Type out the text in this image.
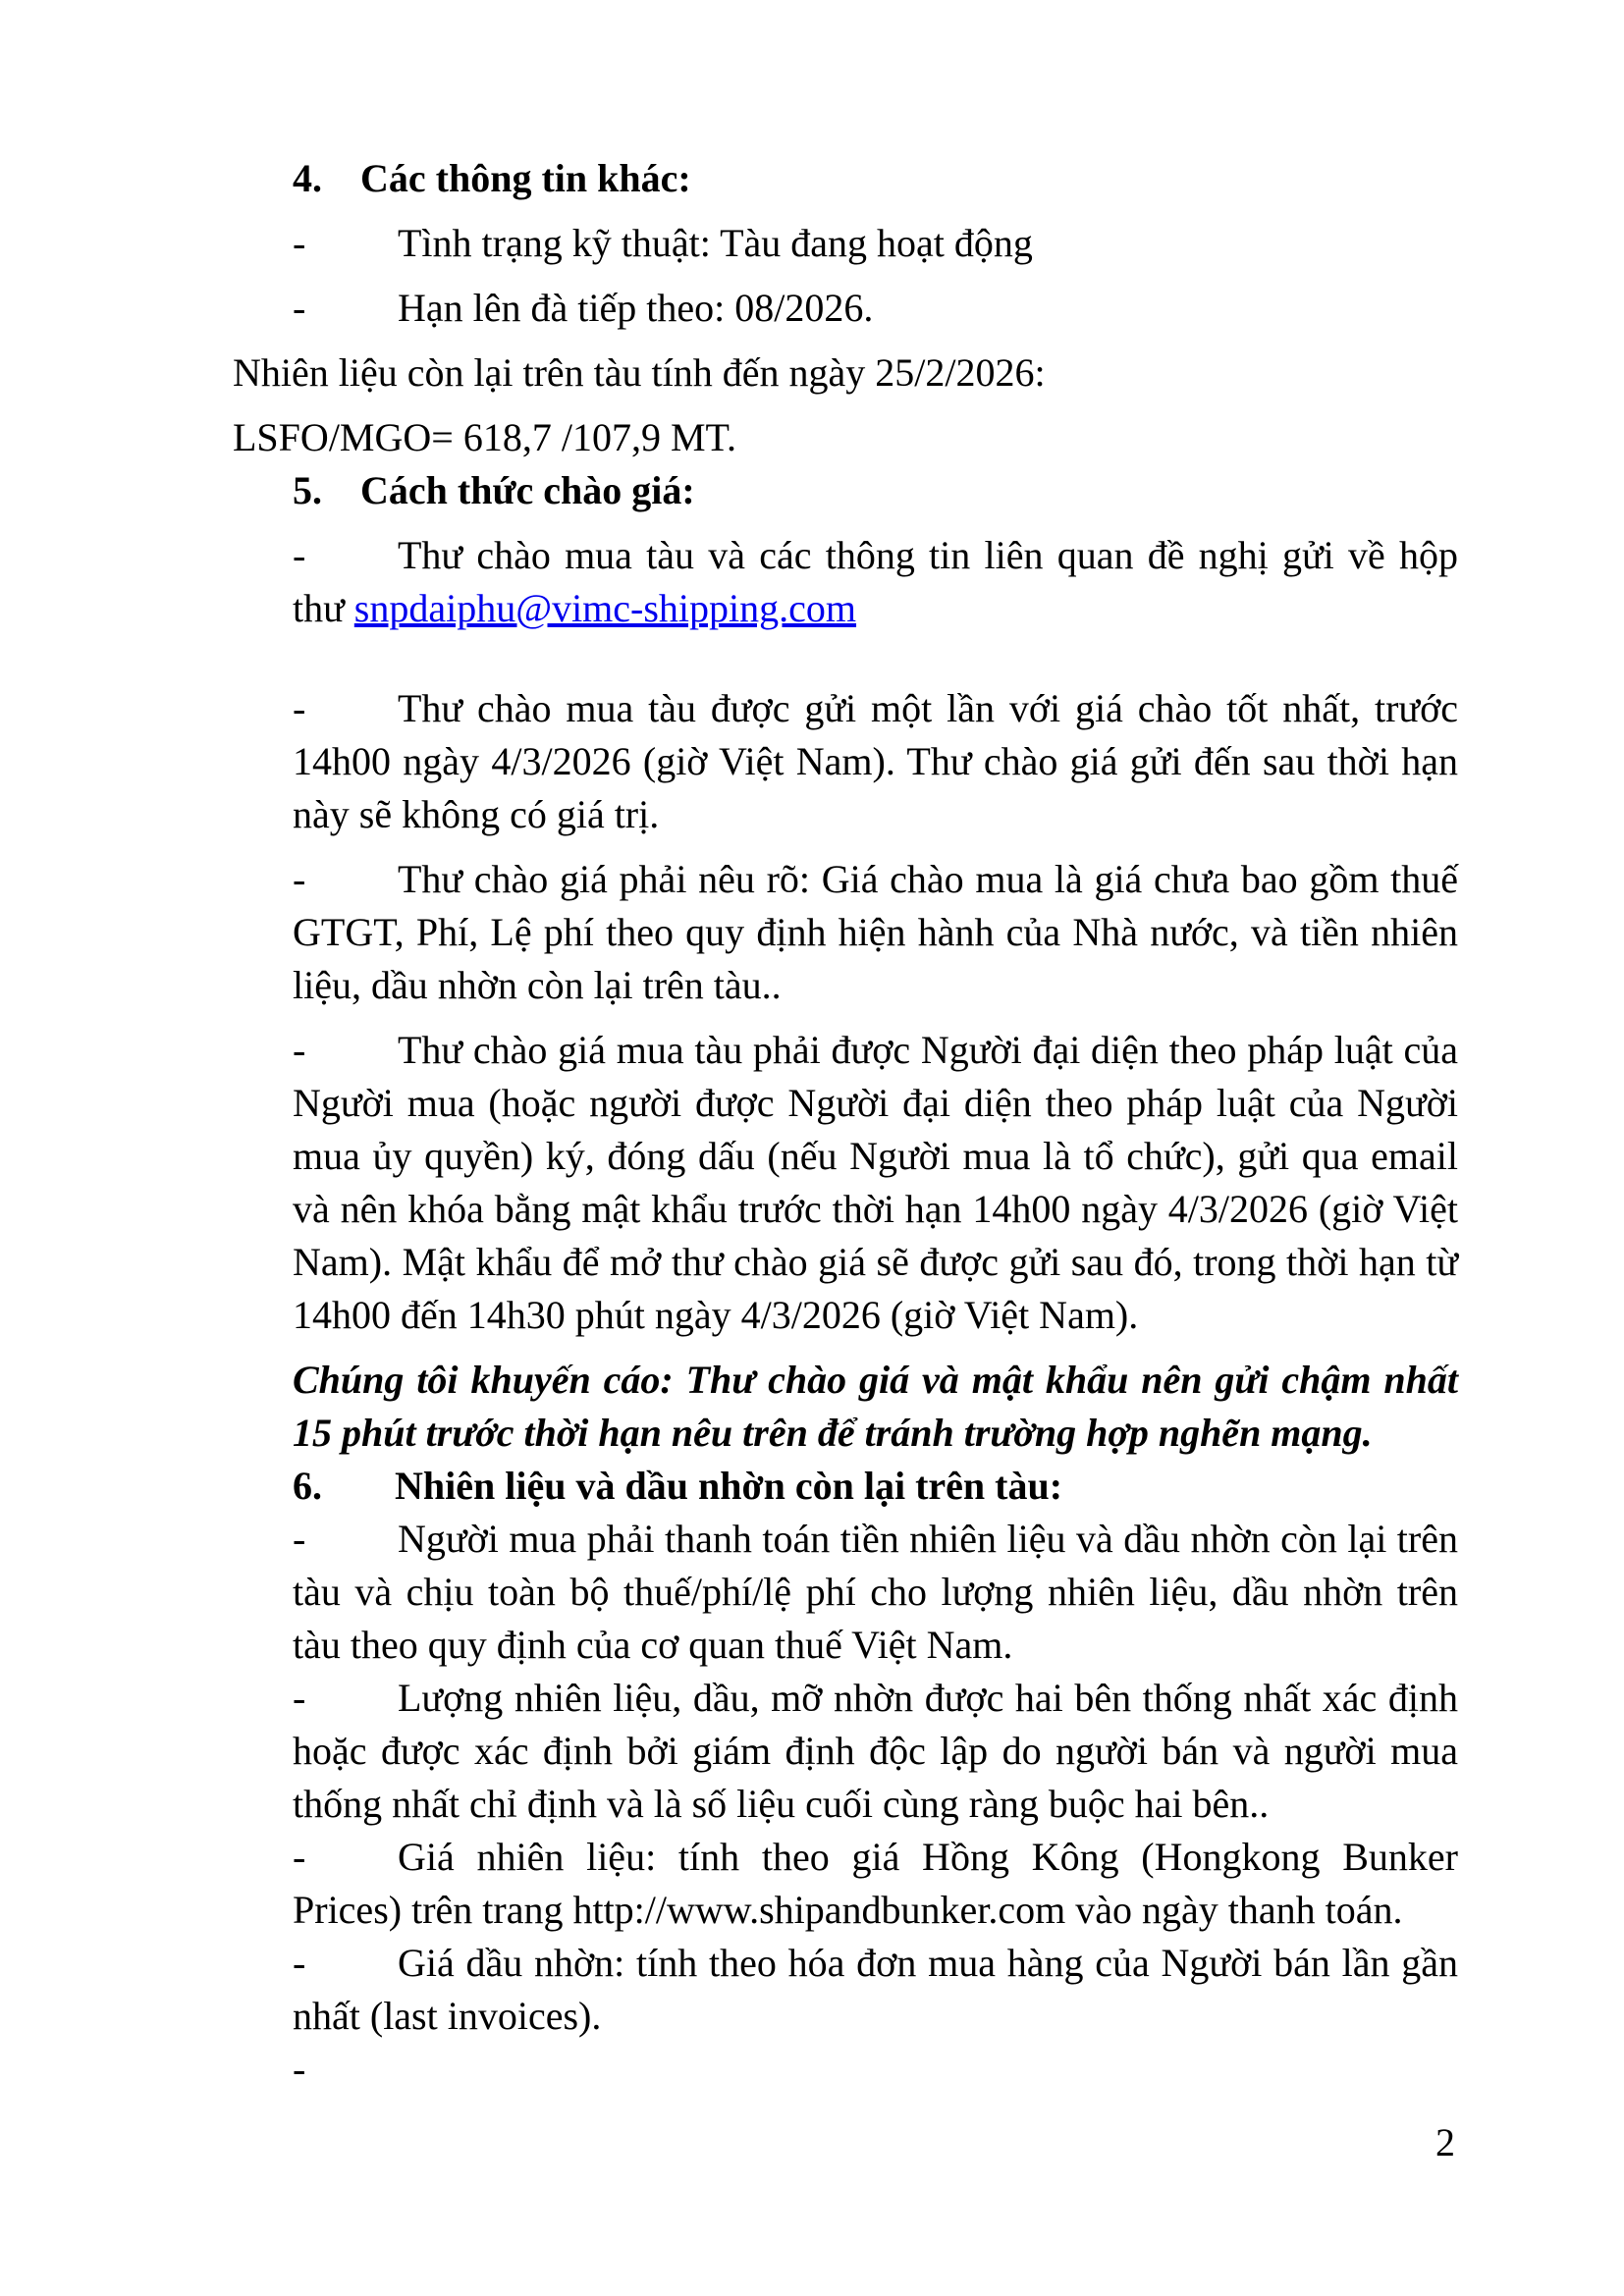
4. Các thông tin khác:

- Tình trạng kỹ thuật: Tàu đang hoạt động

- Hạn lên đà tiếp theo: 08/2026.

Nhiên liệu còn lại trên tàu tính đến ngày 25/2/2026:

LSFO/MGO= 618,7 /107,9 MT.

5. Cách thức chào giá:

- Thư chào mua tàu và các thông tin liên quan đề nghị gửi về hộp thư snpdaiphu@vimc-shipping.com

- Thư chào mua tàu được gửi một lần với giá chào tốt nhất, trước 14h00 ngày 4/3/2026 (giờ Việt Nam). Thư chào giá gửi đến sau thời hạn này sẽ không có giá trị.

- Thư chào giá phải nêu rõ: Giá chào mua là giá chưa bao gồm thuế GTGT, Phí, Lệ phí theo quy định hiện hành của Nhà nước, và tiền nhiên liệu, dầu nhờn còn lại trên tàu..

- Thư chào giá mua tàu phải được Người đại diện theo pháp luật của Người mua (hoặc người được Người đại diện theo pháp luật của Người mua ủy quyền) ký, đóng dấu (nếu Người mua là tổ chức), gửi qua email và nên khóa bằng mật khẩu trước thời hạn 14h00 ngày 4/3/2026 (giờ Việt Nam). Mật khẩu để mở thư chào giá sẽ được gửi sau đó, trong thời hạn từ 14h00 đến 14h30 phút ngày 4/3/2026 (giờ Việt Nam).

Chúng tôi khuyến cáo: Thư chào giá và mật khẩu nên gửi chậm nhất 15 phút trước thời hạn nêu trên để tránh trường hợp nghẽn mạng.

6. Nhiên liệu và dầu nhờn còn lại trên tàu:

- Người mua phải thanh toán tiền nhiên liệu và dầu nhờn còn lại trên tàu và chịu toàn bộ thuế/phí/lệ phí cho lượng nhiên liệu, dầu nhờn trên tàu theo quy định của cơ quan thuế Việt Nam.

- Lượng nhiên liệu, dầu, mỡ nhờn được hai bên thống nhất xác định hoặc được xác định bởi giám định độc lập do người bán và người mua thống nhất chỉ định và là số liệu cuối cùng ràng buộc hai bên..

- Giá nhiên liệu: tính theo giá Hồng Kông (Hongkong Bunker Prices) trên trang http://www.shipandbunker.com vào ngày thanh toán.

- Giá dầu nhờn: tính theo hóa đơn mua hàng của Người bán lần gần nhất (last invoices).

-

2
